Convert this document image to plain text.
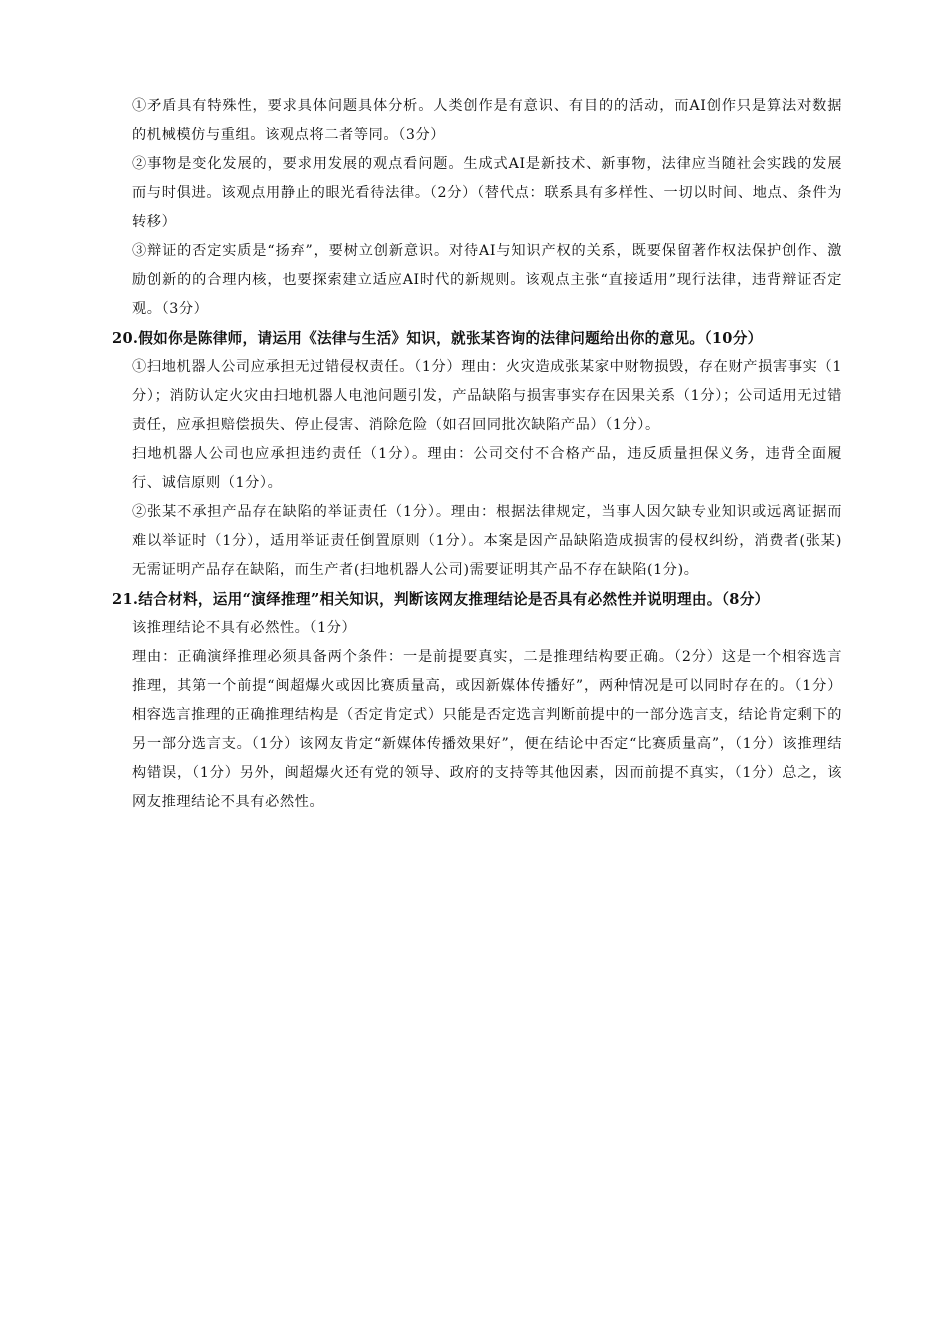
①矛盾具有特殊性，要求具体问题具体分析。人类创作是有意识、有目的的活动，而AI创作只是算法对数据的机械模仿与重组。该观点将二者等同。（3分）

②事物是变化发展的，要求用发展的观点看问题。生成式AI是新技术、新事物，法律应当随社会实践的发展而与时俱进。该观点用静止的眼光看待法律。（2分）（替代点：联系具有多样性、一切以时间、地点、条件为转移）

③辩证的否定实质是“扬弃”，要树立创新意识。对待AI与知识产权的关系，既要保留著作权法保护创作、激励创新的的合理内核，也要探索建立适应AI时代的新规则。该观点主张“直接适用”现行法律，违背辩证否定观。（3分）

20.假如你是陈律师，请运用《法律与生活》知识，就张某咨询的法律问题给出你的意见。（10分）

①扫地机器人公司应承担无过错侵权责任。（1分）理由：火灾造成张某家中财物损毁，存在财产损害事实（1分）；消防认定火灾由扫地机器人电池问题引发，产品缺陷与损害事实存在因果关系（1分）；公司适用无过错责任，应承担赔偿损失、停止侵害、消除危险（如召回同批次缺陷产品）（1分）。

扫地机器人公司也应承担违约责任（1分）。理由：公司交付不合格产品，违反质量担保义务，违背全面履行、诚信原则（1分）。

②张某不承担产品存在缺陷的举证责任（1分）。理由：根据法律规定，当事人因欠缺专业知识或远离证据而难以举证时（1分），适用举证责任倒置原则（1分）。本案是因产品缺陷造成损害的侵权纠纷，消费者(张某)无需证明产品存在缺陷，而生产者(扫地机器人公司)需要证明其产品不存在缺陷(1分)。

21.结合材料，运用“演绎推理”相关知识，判断该网友推理结论是否具有必然性并说明理由。（8分）

该推理结论不具有必然性。（1分）

理由：正确演绎推理必须具备两个条件：一是前提要真实，二是推理结构要正确。（2分）这是一个相容选言推理，其第一个前提“闽超爆火或因比赛质量高，或因新媒体传播好”，两种情况是可以同时存在的。（1分）相容选言推理的正确推理结构是（否定肯定式）只能是否定选言判断前提中的一部分选言支，结论肯定剩下的另一部分选言支。（1分）该网友肯定“新媒体传播效果好”，便在结论中否定“比赛质量高”，（1分）该推理结构错误，（1分）另外，闽超爆火还有党的领导、政府的支持等其他因素，因而前提不真实，（1分）总之，该网友推理结论不具有必然性。
